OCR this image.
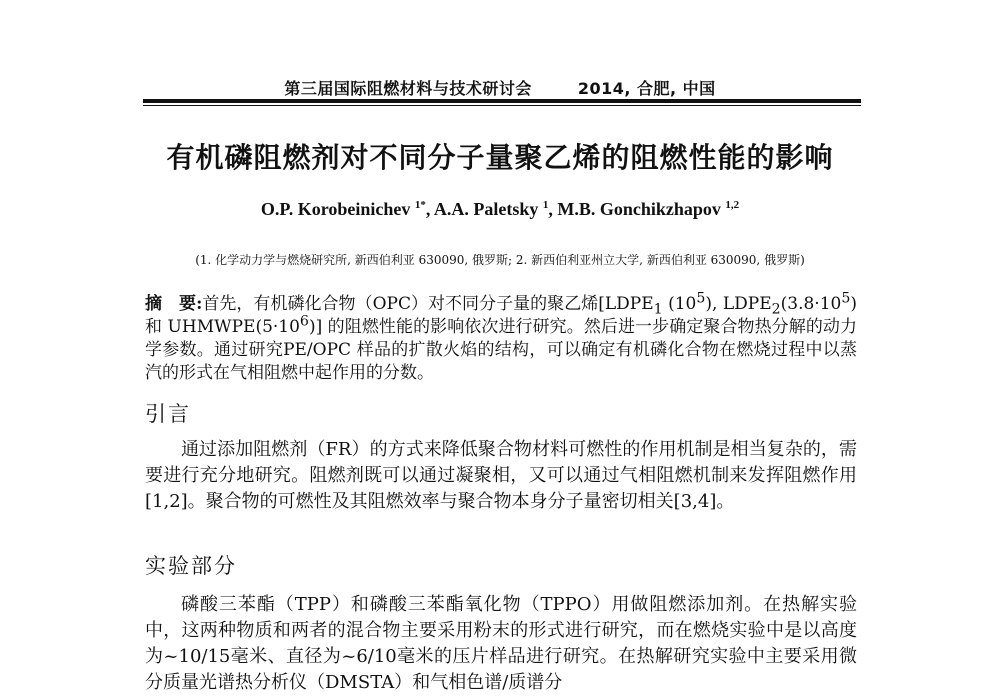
第三届国际阻燃材料与技术研讨会	2014, 合肥, 中国
有机磷阻燃剂对不同分子量聚乙烯的阻燃性能的影响
O.P. Korobeinichev $^{1*}$, A.A. Paletsky $^1$, M.B. Gonchikzhapov $^{1,2}$
(1. 化学动力学与燃烧研究所, 新西伯利亚 630090, 俄罗斯; 2. 新西伯利亚州立大学, 新西伯利亚 630090, 俄罗斯)
摘　要:首先，有机磷化合物（OPC）对不同分子量的聚乙烯[$LDPE_1$ $(10^5)$, $LDPE_2(3.8\cdot 10^5)$ 和 $UHMWPE(5\cdot 10^6)$] 的阻燃性能的影响依次进行研究。然后进一步确定聚合物热分解的动力学参数。通过研究PE/OPC 样品的扩散火焰的结构，可以确定有机磷化合物在燃烧过程中以蒸汽的形式在气相阻燃中起作用的分数。
引言
通过添加阻燃剂（FR）的方式来降低聚合物材料可燃性的作用机制是相当复杂的，需要进行充分地研究。阻燃剂既可以通过凝聚相，又可以通过气相阻燃机制来发挥阻燃作用[1,2]。聚合物的可燃性及其阻燃效率与聚合物本身分子量密切相关[3,4]。
实验部分
磷酸三苯酯（TPP）和磷酸三苯酯氧化物（TPPO）用做阻燃添加剂。在热解实验中，这两种物质和两者的混合物主要采用粉末的形式进行研究，而在燃烧实验中是以高度为~10/15毫米、直径为~6/10毫米的压片样品进行研究。在热解研究实验中主要采用微分质量光谱热分析仪（DMSTA）和气相色谱/质谱分
